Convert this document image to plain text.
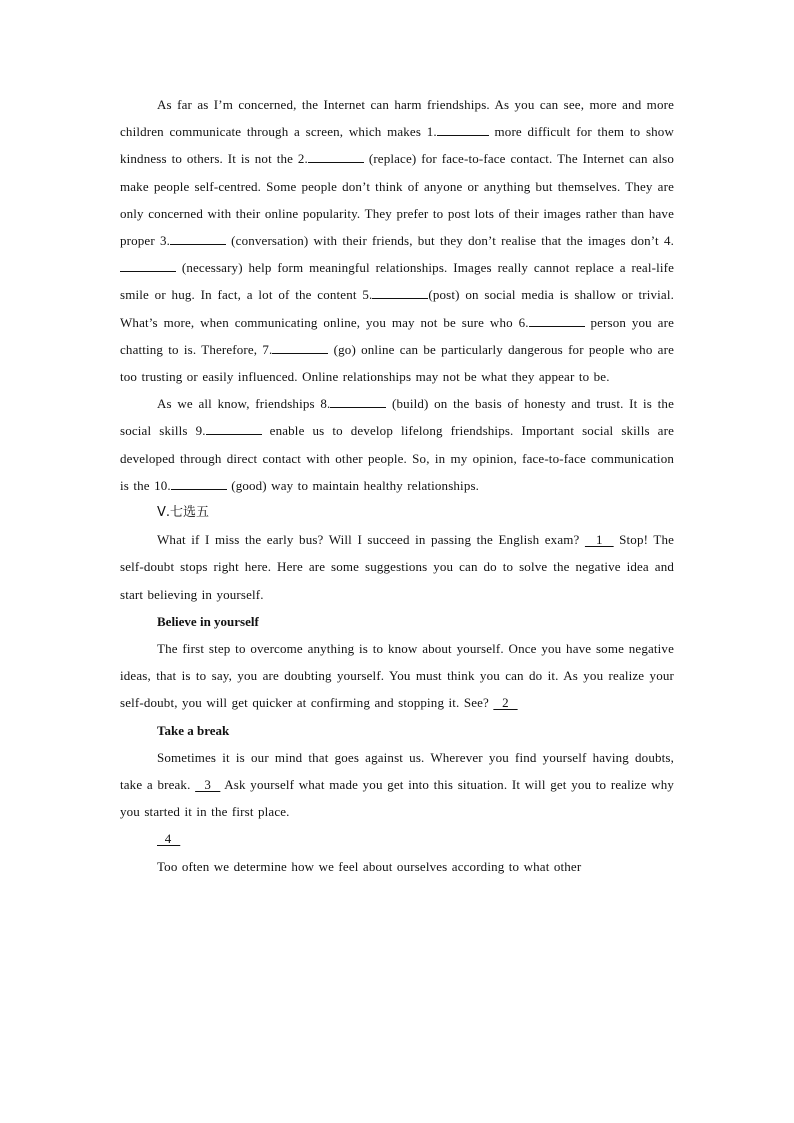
As far as I’m concerned, the Internet can harm friendships. As you can see, more and more children communicate through a screen, which makes 1.	more difficult for them to show kindness to others. It is not the 2.	(replace) for face-to-face contact. The Internet can also make people self-centred. Some people don’t think of anyone or anything but themselves. They are only concerned with their online popularity. They prefer to post lots of their images rather than have proper 3.	(conversation) with their friends, but they don’t realise that the images don’t 4. (necessary) help form meaningful relationships. Images really cannot replace a real-life smile or hug. In fact, a lot of the content 5.	(post) on social media is shallow or trivial. What’s more, when communicating online, you may not be sure who 6.	person you are chatting to is. Therefore, 7.	(go) online can be particularly dangerous for people who are too trusting or easily influenced. Online relationships may not be what they appear to be.

As we all know, friendships 8.	(build) on the basis of honesty and trust. It is the social skills 9.	enable us to develop lifelong friendships. Important social skills are developed through direct contact with other people. So, in my opinion, face-to-face communication is the 10.	(good) way to maintain healthy relationships.

Ⅴ.七选五

What if I miss the early bus? Will I succeed in passing the English exam?   1   Stop! The self-doubt stops right here. Here are some suggestions you can do to solve the negative idea and start believing in yourself.

Believe in yourself

The first step to overcome anything is to know about yourself. Once you have some negative ideas, that is to say, you are doubting yourself. You must think you can do it. As you realize your self-doubt, you will get quicker at confirming and stopping it. See?   2

Take a break

Sometimes it is our mind that goes against us. Wherever you find yourself having doubts, take a break.   3   Ask yourself what made you get into this situation. It will get you to realize why you started it in the first place.

4

Too often we determine how we feel about ourselves according to what other
